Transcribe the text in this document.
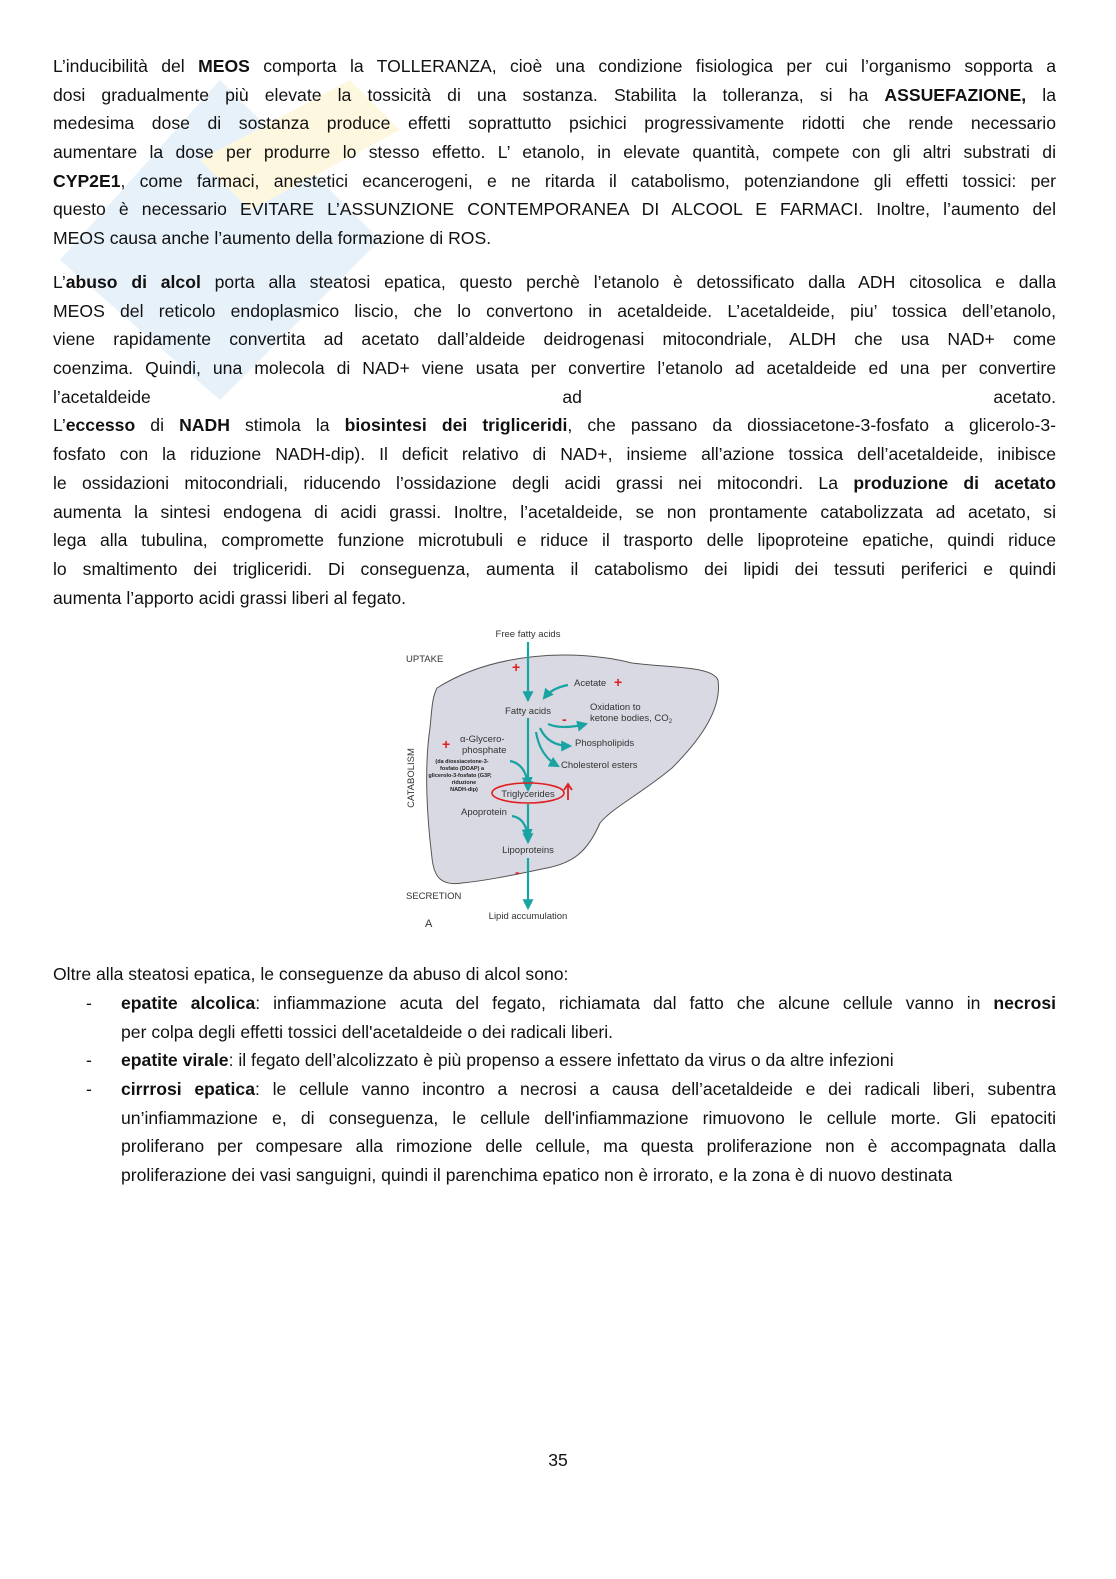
L’inducibilità del MEOS comporta la TOLLERANZA, cioè una condizione fisiologica per cui l’organismo sopporta a
dosi gradualmente più elevate la tossicità di una sostanza. Stabilita la tolleranza, si ha ASSUEFAZIONE, la
medesima dose di sostanza produce effetti soprattutto psichici progressivamente ridotti che rende necessario
aumentare la dose per produrre lo stesso effetto. L’ etanolo, in elevate quantità, compete con gli altri substrati di
CYP2E1, come farmaci, anestetici ecancerogeni, e ne ritarda il catabolismo, potenziandone gli effetti tossici: per
questo è necessario EVITARE L’ASSUNZIONE CONTEMPORANEA DI ALCOOL E FARMACI. Inoltre, l’aumento del
MEOS causa anche l’aumento della formazione di ROS.
L’abuso di alcol porta alla steatosi epatica, questo perchè l’etanolo è detossificato dalla ADH citosolica e dalla
MEOS del reticolo endoplasmico liscio, che lo convertono in acetaldeide. L’acetaldeide, piu’ tossica dell’etanolo,
viene rapidamente convertita ad acetato dall’aldeide deidrogenasi mitocondriale, ALDH che usa NAD+ come
coenzima. Quindi, una molecola di NAD+ viene usata per convertire l’etanolo ad acetaldeide ed una per convertire
l’acetaldeide ad acetato.
L’eccesso di NADH stimola la biosintesi dei trigliceridi, che passano da diossiacetone-3-fosfato a glicerolo-3-
fosfato con la riduzione NADH-dip). Il deficit relativo di NAD+, insieme all’azione tossica dell’acetaldeide, inibisce
le ossidazioni mitocondriali, riducendo l’ossidazione degli acidi grassi nei mitocondri. La produzione di acetato
aumenta la sintesi endogena di acidi grassi. Inoltre, l’acetaldeide, se non prontamente catabolizzata ad acetato, si
lega alla tubulina, compromette funzione microtubuli e riduce il trasporto delle lipoproteine epatiche, quindi riduce
lo smaltimento dei trigliceridi. Di conseguenza, aumenta il catabolismo dei lipidi dei tessuti periferici e quindi
aumenta l’apporto acidi grassi liberi al fegato.
Oltre alla steatosi epatica, le conseguenze da abuso di alcol sono:
- epatite alcolica: infiammazione acuta del fegato, richiamata dal fatto che alcune cellule vanno in necrosi
per colpa degli effetti tossici dell'acetaldeide o dei radicali liberi.
- epatite virale: il fegato dell’alcolizzato è più propenso a essere infettato da virus o da altre infezioni
- cirrrosi epatica: le cellule vanno incontro a necrosi a causa dell’acetaldeide e dei radicali liberi, subentra
un’infiammazione e, di conseguenza, le cellule dell'infiammazione rimuovono le cellule morte. Gli epatociti
proliferano per compesare alla rimozione delle cellule, ma questa proliferazione non è accompagnata dalla
proliferazione dei vasi sanguigni, quindi il parenchima epatico non è irrorato, e la zona è di nuovo destinata
Free fatty acids
UPTAKE
Acetate
Fatty acids	Oxidation to
ketone bodies, $CO_2$
Phospholipids
Cholesterol esters
α-Glycero-
phosphate
(da diossiacetone-3-
fosfato (DOAP) a
glicerolo-3-fosfato (G3P,
riduzione
NADH-dip)
CATABOLISM	Triglycerides
Apoprotein
Lipoproteins
SECRETION
Lipid accumulation
A
+
+
-
+
-
35
